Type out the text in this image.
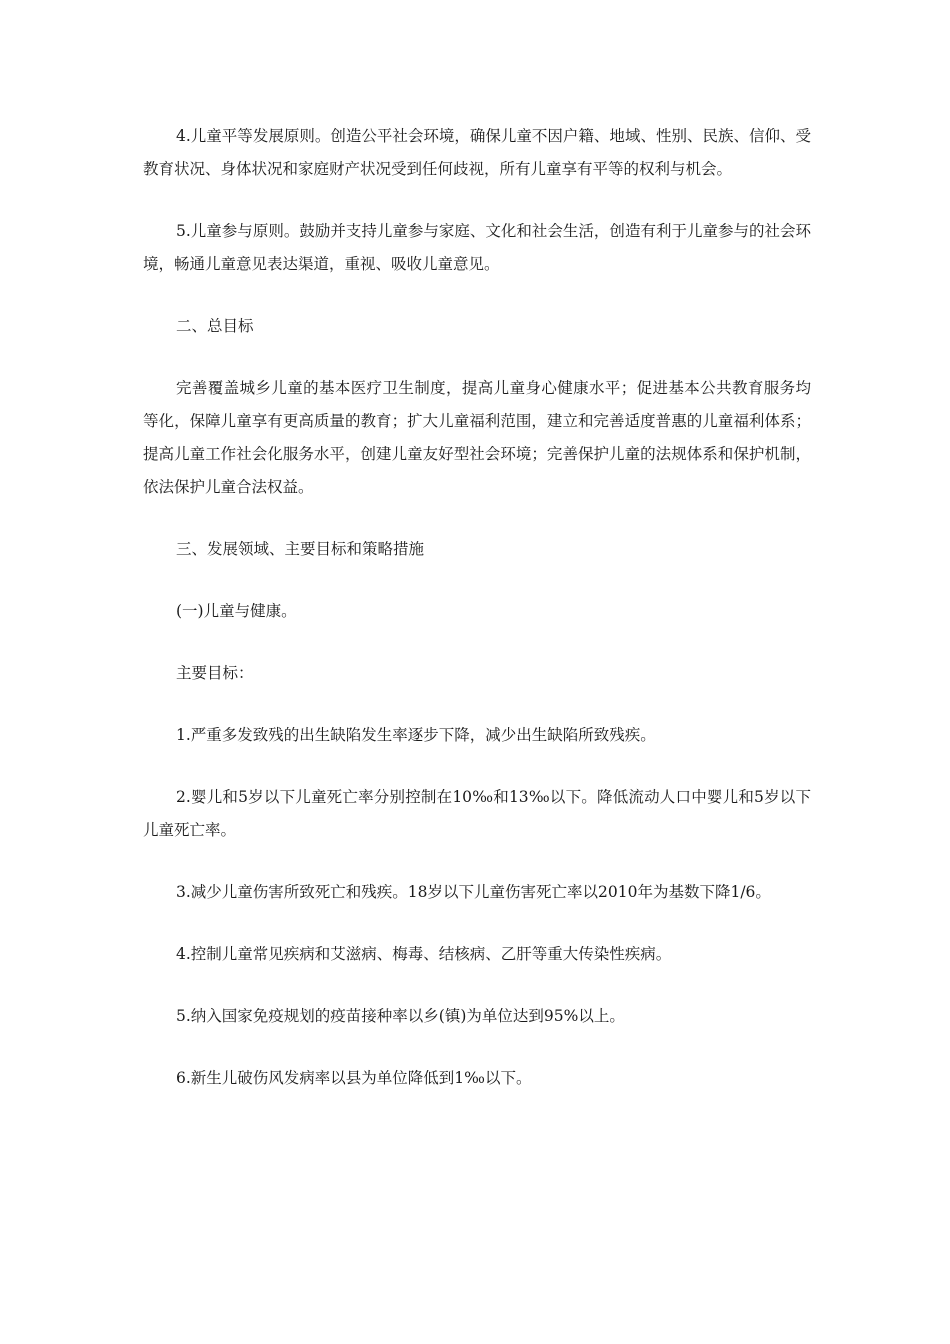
4.儿童平等发展原则。创造公平社会环境，确保儿童不因户籍、地域、性别、民族、信仰、受教育状况、身体状况和家庭财产状况受到任何歧视，所有儿童享有平等的权利与机会。

5.儿童参与原则。鼓励并支持儿童参与家庭、文化和社会生活，创造有利于儿童参与的社会环境，畅通儿童意见表达渠道，重视、吸收儿童意见。

二、总目标

完善覆盖城乡儿童的基本医疗卫生制度，提高儿童身心健康水平；促进基本公共教育服务均等化，保障儿童享有更高质量的教育；扩大儿童福利范围，建立和完善适度普惠的儿童福利体系；提高儿童工作社会化服务水平，创建儿童友好型社会环境；完善保护儿童的法规体系和保护机制，依法保护儿童合法权益。

三、发展领域、主要目标和策略措施

(一)儿童与健康。

主要目标：

1.严重多发致残的出生缺陷发生率逐步下降，减少出生缺陷所致残疾。

2.婴儿和5岁以下儿童死亡率分别控制在10‰和13‰以下。降低流动人口中婴儿和5岁以下儿童死亡率。

3.减少儿童伤害所致死亡和残疾。18岁以下儿童伤害死亡率以2010年为基数下降1/6。

4.控制儿童常见疾病和艾滋病、梅毒、结核病、乙肝等重大传染性疾病。

5.纳入国家免疫规划的疫苗接种率以乡(镇)为单位达到95%以上。

6.新生儿破伤风发病率以县为单位降低到1‰以下。
